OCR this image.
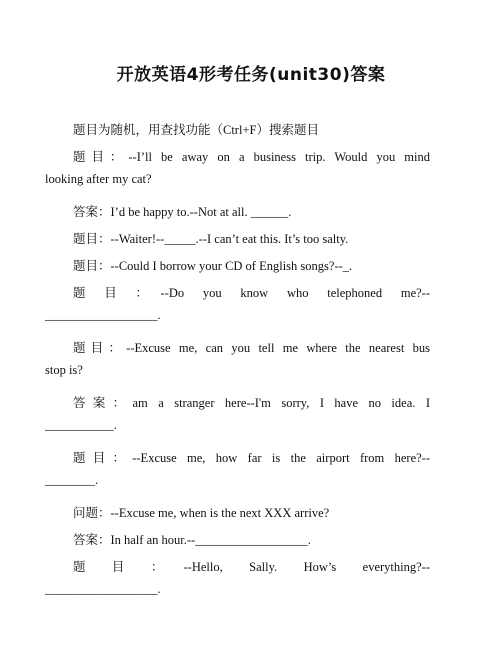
开放英语4形考任务(unit30)答案
题目为随机，用查找功能（Ctrl+F）搜索题目
题目：--I’ll be away on a business trip. Would you mind
looking after my cat?
答案：I’d be happy to.--Not at all. ______.
题目：--Waiter!--_____.--I can’t eat this. It’s too salty.
题目：--Could I borrow your CD of English songs?--_.
题　目　：　--Do　you　know　who　telephoned　me?--
__________________.
题目：--Excuse me, can you tell me where the nearest bus
stop is?
答案：am a stranger here--I'm sorry, I have no idea. I
___________.
题目：--Excuse me, how far is the airport from here?--
________.
问题：--Excuse me, when is the next XXX arrive?
答案：In half an hour.--__________________.
题　目　：　--Hello,　Sally.　How’s　everything?--
__________________.
